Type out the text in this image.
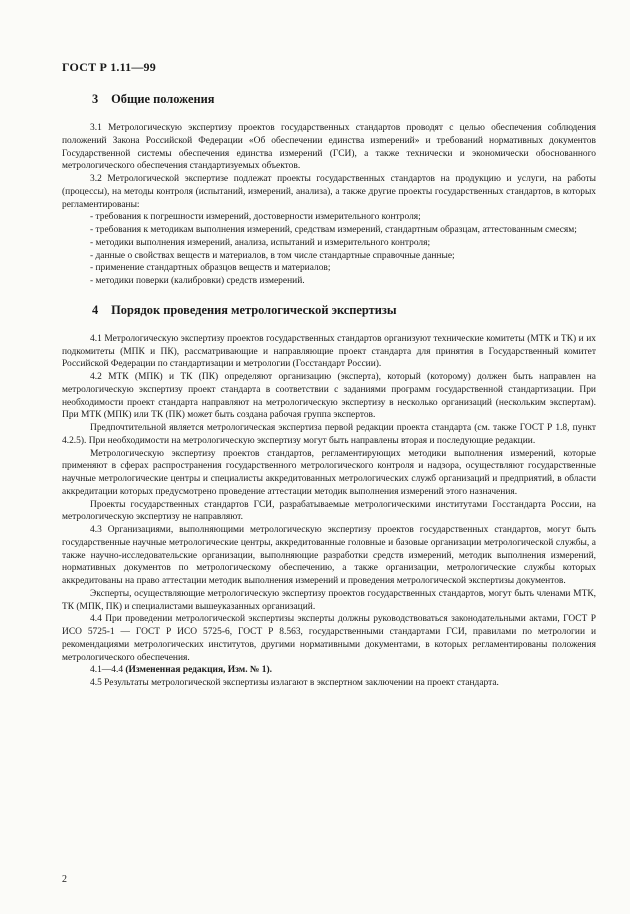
ГОСТ Р 1.11—99
3 Общие положения

3.1 Метрологическую экспертизу проектов государственных стандартов проводят с целью обеспечения соблюдения положений Закона Российской Федерации «Об обеспечении единства изmерений» и требований нормативных документов Государственной системы обеспечения единства измерений (ГСИ), а также технически и экономически обоснованного метрологического обеспечения стандартизуемых объектов.

3.2 Метрологической экспертизе подлежат проекты государственных стандартов на продукцию и услуги, на работы (процессы), на методы контроля (испытаний, измерений, анализа), а также другие проекты государственных стандартов, в которых регламентированы:

- требования к погрешности измерений, достоверности измерительного контроля;

- требования к методикам выполнения измерений, средствам измерений, стандартным образцам, аттестованным смесям;

- методики выполнения измерений, анализа, испытаний и измерительного контроля;

- данные о свойствах веществ и материалов, в том числе стандартные справочные данные;

- применение стандартных образцов веществ и материалов;

- методики поверки (калибровки) средств измерений.

4 Порядок проведения метрологической экспертизы

4.1 Метрологическую экспертизу проектов государственных стандартов организуют технические комитеты (МТК и ТК) и их подкомитеты (МПК и ПК), рассматривающие и направляющие проект стандарта для принятия в Государственный комитет Российской Федерации по стандартизации и метрологии (Госстандарт России).

4.2 МТК (МПК) и ТК (ПК) определяют организацию (эксперта), который (которому) должен быть направлен на метрологическую экспертизу проект стандарта в соответствии с заданиями программ государственной стандартизации. При необходимости проект стандарта направляют на метрологическую экспертизу в несколько организаций (нескольким экспертам). При МТК (МПК) или ТК (ПК) может быть создана рабочая группа экспертов.

Предпочтительной является метрологическая экспертиза первой редакции проекта стандарта (см. также ГОСТ Р 1.8, пункт 4.2.5). При необходимости на метрологическую экспертизу могут быть направлены вторая и последующие редакции.

Метрологическую экспертизу проектов стандартов, регламентирующих методики выполнения измерений, которые применяют в сферах распространения государственного метрологического контроля и надзора, осуществляют государственные научные метрологические центры и специалисты аккредитованных метрологических служб организаций и предприятий, в области аккредитации которых предусмотрено проведение аттестации методик выполнения измерений этого назначения.

Проекты государственных стандартов ГСИ, разрабатываемые метрологическими институтами Госстандарта России, на метрологическую экспертизу не направляют.

4.3 Организациями, выполняющими метрологическую экспертизу проектов государственных стандартов, могут быть государственные научные метрологические центры, аккредитованные головные и базовые организации метрологической службы, а также научно-исследовательские организации, выполняющие разработки средств измерений, методик выполнения измерений, нормативных документов по метрологическому обеспечению, а также организации, метрологические службы которых аккредитованы на право аттестации методик выполнения измерений и проведения метрологической экспертизы документов.

Эксперты, осуществляющие метрологическую экспертизу проектов государственных стандартов, могут быть членами МТК, ТК (МПК, ПК) и специалистами вышеуказанных организаций.

4.4 При проведении метрологической экспертизы эксперты должны руководствоваться законодательными актами, ГОСТ Р ИСО 5725-1 — ГОСТ Р ИСО 5725-6, ГОСТ Р 8.563, государственными стандартами ГСИ, правилами по метрологии и рекомендациями метрологических институтов, другими нормативными документами, в которых регламентированы положения метрологического обеспечения.

4.1—4.4 (Измененная редакция, Изм. № 1).

4.5 Результаты метрологической экспертизы излагают в экспертном заключении на проект стандарта.

2
